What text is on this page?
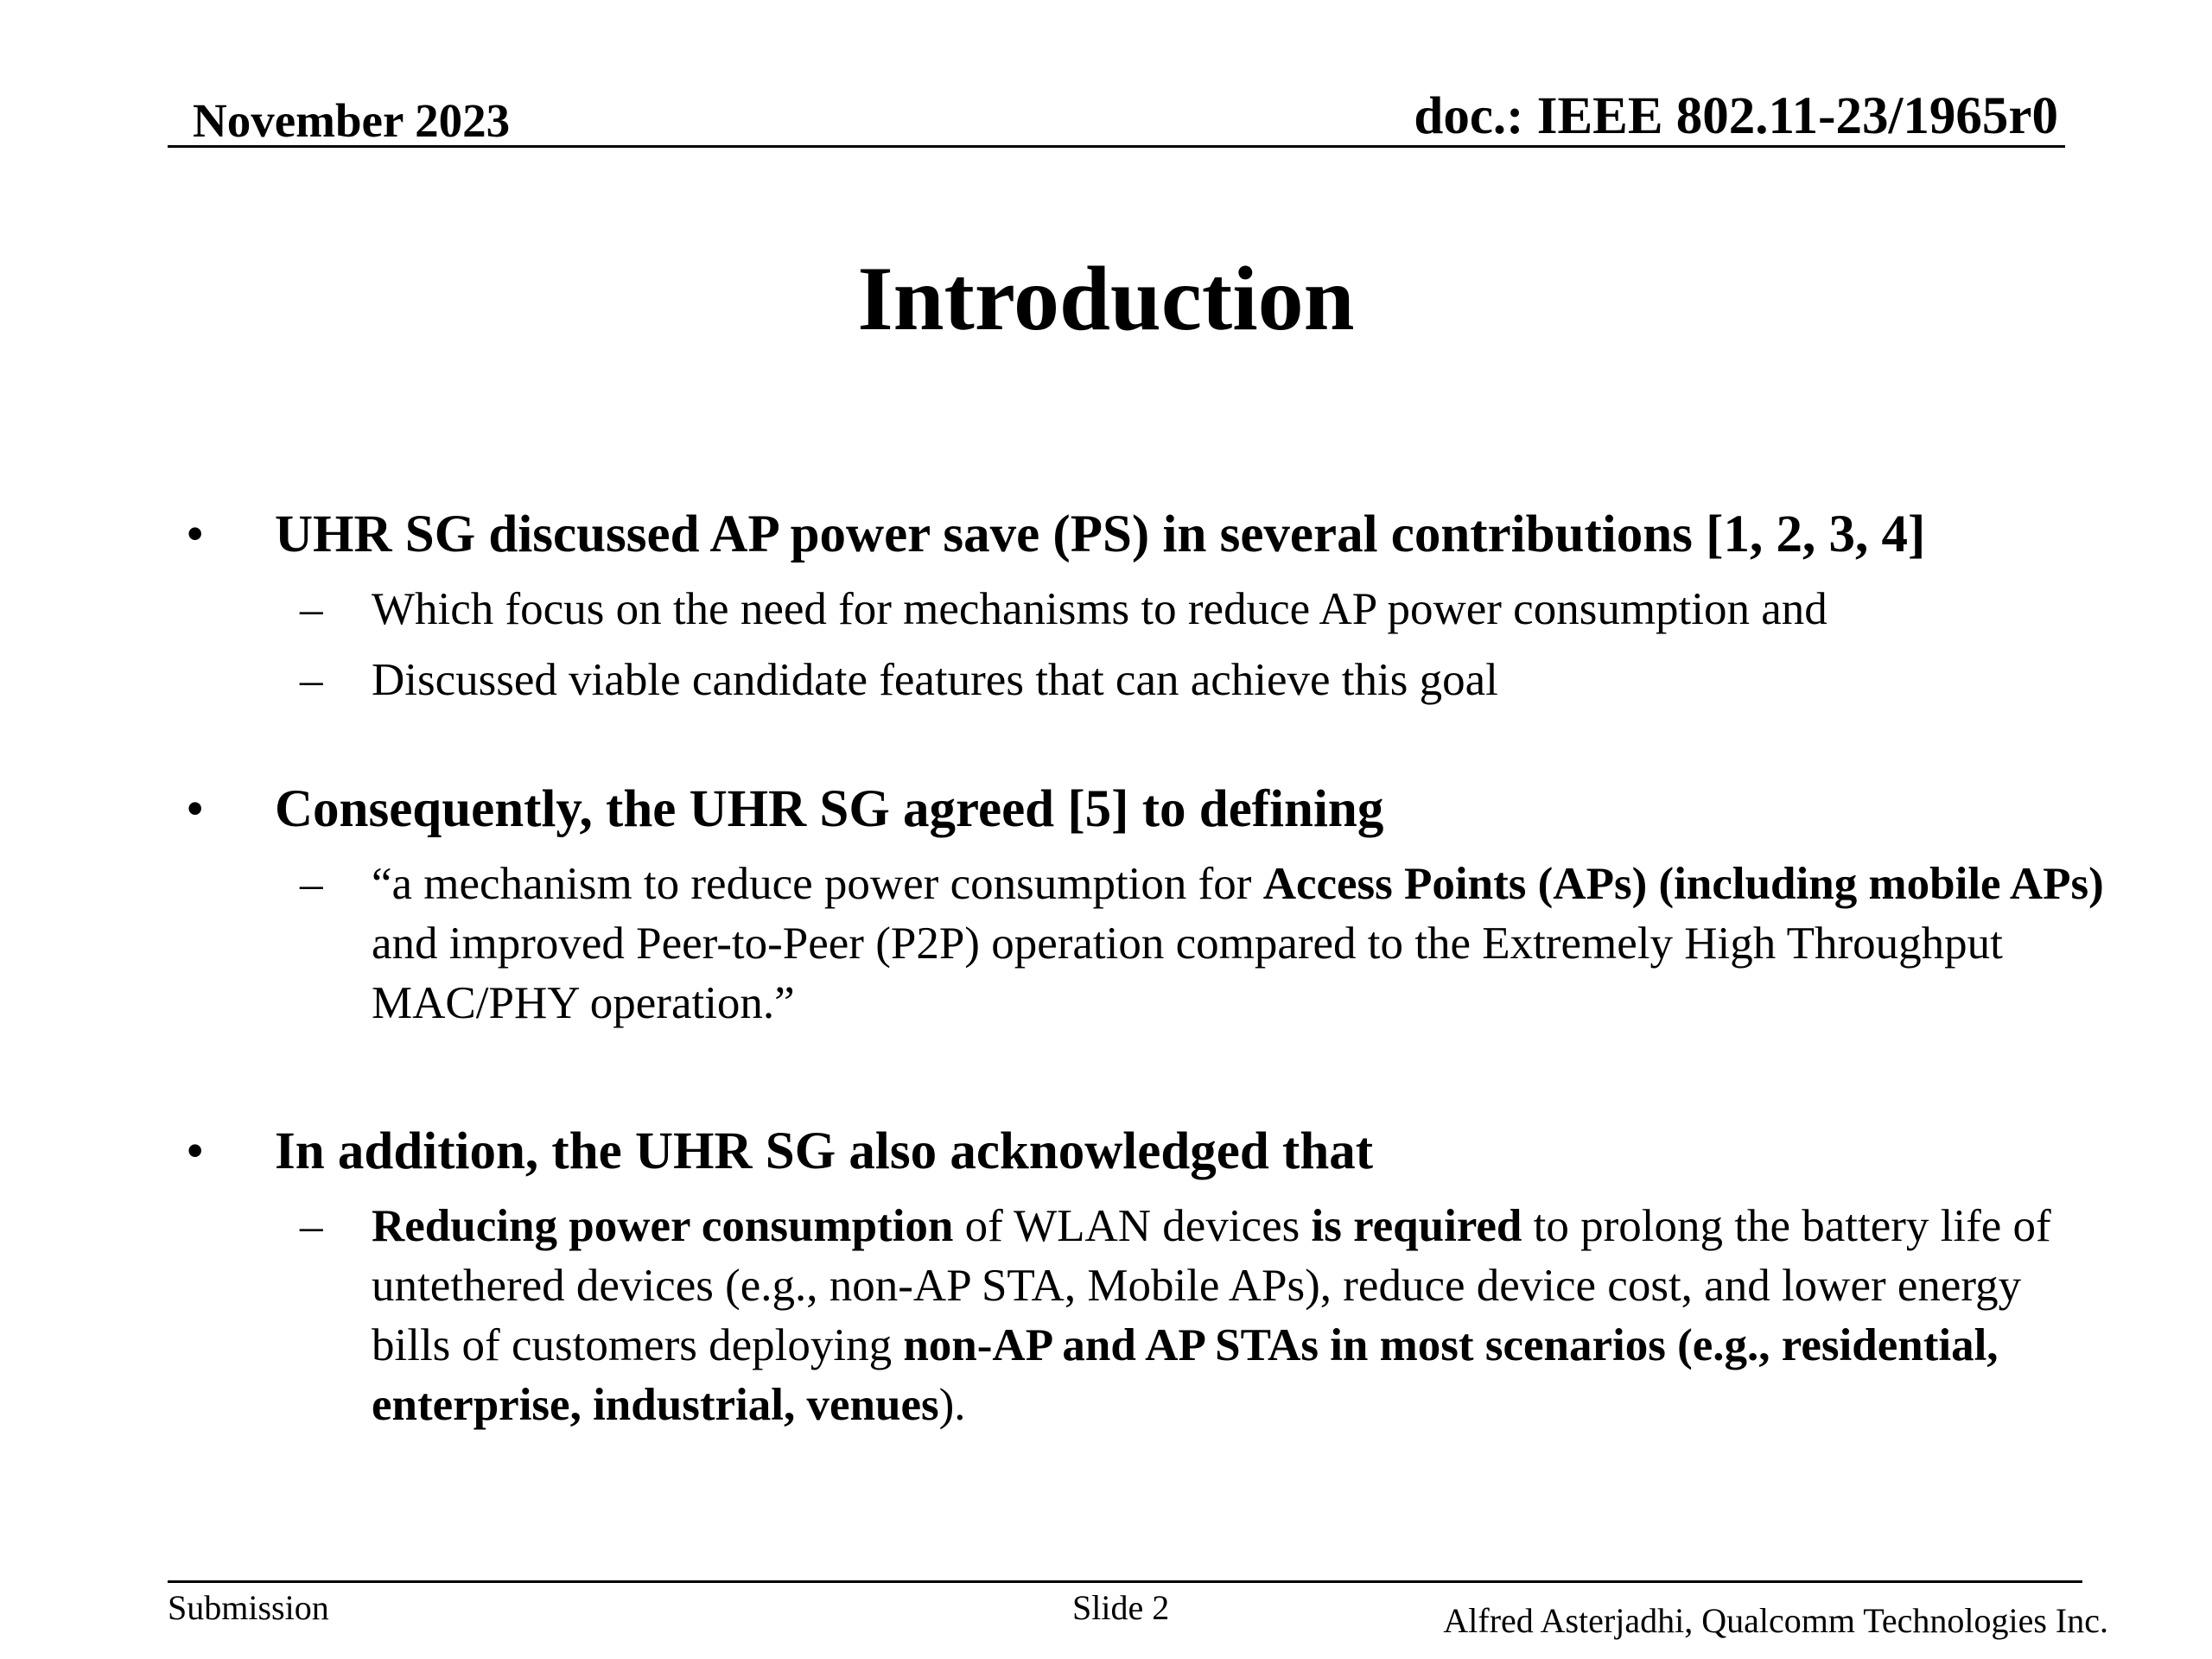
November 2023	doc.: IEEE 802.11-23/1965r0
Introduction
• UHR SG discussed AP power save (PS) in several contributions [1, 2, 3, 4]
– Which focus on the need for mechanisms to reduce AP power consumption and
– Discussed viable candidate features that can achieve this goal
• Consequently, the UHR SG agreed [5] to defining
– “a mechanism to reduce power consumption for Access Points (APs) (including mobile APs) and improved Peer-to-Peer (P2P) operation compared to the Extremely High Throughput MAC/PHY operation.”
• In addition, the UHR SG also acknowledged that
– Reducing power consumption of WLAN devices is required to prolong the battery life of untethered devices (e.g., non-AP STA, Mobile APs), reduce device cost, and lower energy bills of customers deploying non-AP and AP STAs in most scenarios (e.g., residential, enterprise, industrial, venues).
Submission	Slide 2	Alfred Asterjadhi, Qualcomm Technologies Inc.
